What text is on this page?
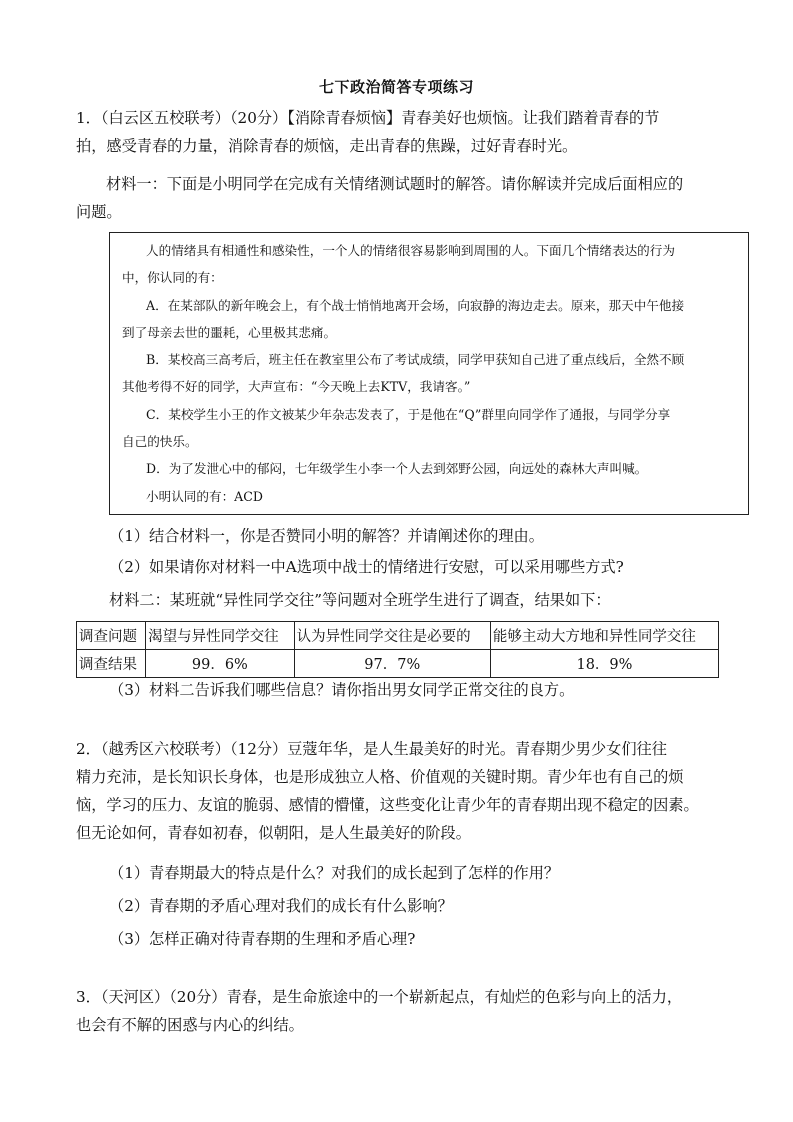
七下政治简答专项练习
1．（白云区五校联考）（20分）【消除青春烦恼】青春美好也烦恼。让我们踏着青春的节
拍，感受青春的力量，消除青春的烦恼，走出青春的焦躁，过好青春时光。
材料一：下面是小明同学在完成有关情绪测试题时的解答。请你解读并完成后面相应的
问题。
人的情绪具有相通性和感染性，一个人的情绪很容易影响到周围的人。下面几个情绪表达的行为
中，你认同的有：
A．在某部队的新年晚会上，有个战士悄悄地离开会场，向寂静的海边走去。原来，那天中午他接
到了母亲去世的噩耗，心里极其悲痛。
B．某校高三高考后，班主任在教室里公布了考试成绩，同学甲获知自己进了重点线后，全然不顾
其他考得不好的同学，大声宣布：“今天晚上去KTV，我请客。”
C．某校学生小王的作文被某少年杂志发表了，于是他在“Q”群里向同学作了通报，与同学分享
自己的快乐。
D．为了发泄心中的郁闷，七年级学生小李一个人去到郊野公园，向远处的森林大声叫喊。
小明认同的有：ACD
（1）结合材料一，你是否赞同小明的解答？并请阐述你的理由。
（2）如果请你对材料一中A选项中战士的情绪进行安慰，可以采用哪些方式?
材料二：某班就“异性同学交往”等问题对全班学生进行了调查，结果如下：
调查问题	渴望与异性同学交往	认为异性同学交往是必要的	能够主动大方地和异性同学交往
调查结果	99．6%	97．7%	18．9%
（3）材料二告诉我们哪些信息？请你指出男女同学正常交往的良方。
2．（越秀区六校联考）（12分）豆蔻年华，是人生最美好的时光。青春期少男少女们往往
精力充沛，是长知识长身体，也是形成独立人格、价值观的关键时期。青少年也有自己的烦
恼，学习的压力、友谊的脆弱、感情的懵懂，这些变化让青少年的青春期出现不稳定的因素。
但无论如何，青春如初春，似朝阳，是人生最美好的阶段。
（1）青春期最大的特点是什么？对我们的成长起到了怎样的作用？
（2）青春期的矛盾心理对我们的成长有什么影响？
（3）怎样正确对待青春期的生理和矛盾心理?
3．（天河区）（20分）青春，是生命旅途中的一个崭新起点，有灿烂的色彩与向上的活力，
也会有不解的困惑与内心的纠结。
